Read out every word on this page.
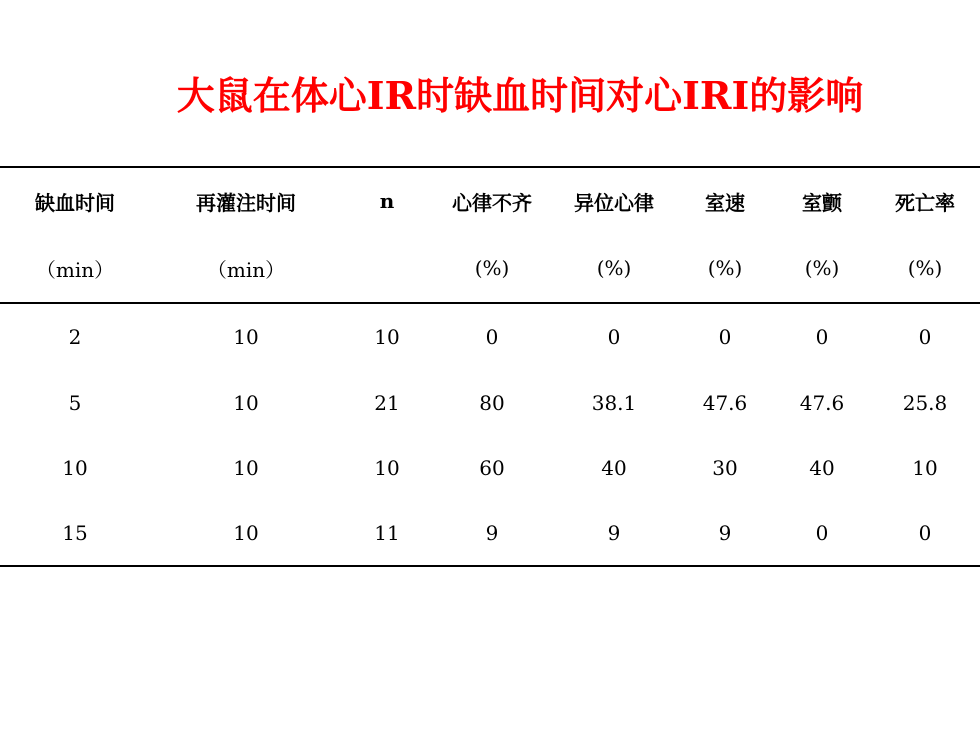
大鼠在体心IR时缺血时间对心IRI的影响
缺血时间	再灌注时间	n	心律不齐	异位心律	室速	室颤	死亡率
（min）	（min）		(%)	(%)	(%)	(%)	(%)
2	10	10	0	0	0	0	0
5	10	21	80	38.1	47.6	47.6	25.8
10	10	10	60	40	30	40	10
15	10	11	9	9	9	0	0
